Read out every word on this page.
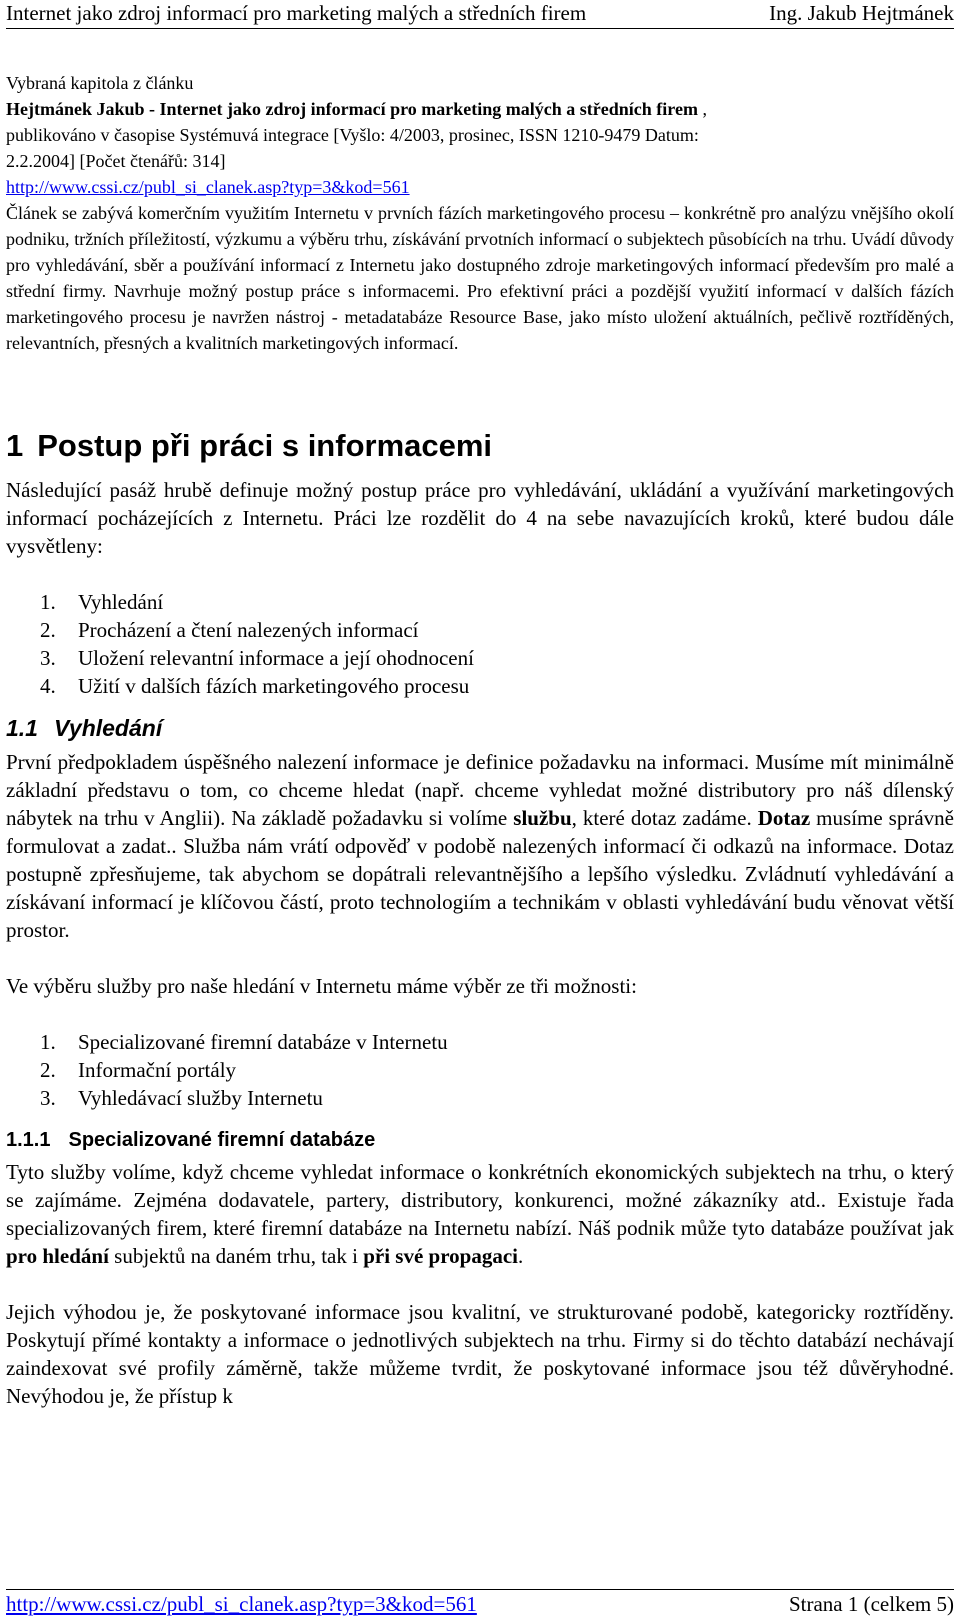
Internet jako zdroj informací pro marketing malých a středních firem	Ing. Jakub Hejtmánek
Vybraná kapitola z článku
Hejtmánek Jakub - Internet jako zdroj informací pro marketing malých a středních firem ,
publikováno v časopise Systémuvá integrace [Vyšlo: 4/2003, prosinec, ISSN 1210-9479 Datum:
2.2.2004] [Počet čtenářů: 314]
http://www.cssi.cz/publ_si_clanek.asp?typ=3&kod=561
Článek se zabývá komerčním využitím Internetu v prvních fázích marketingového procesu – konkrétně pro analýzu vnějšího okolí podniku, tržních příležitostí, výzkumu a výběru trhu, získávání prvotních informací o subjektech působících na trhu. Uvádí důvody pro vyhledávání, sběr a používání informací z Internetu jako dostupného zdroje marketingových informací především pro malé a střední firmy. Navrhuje možný postup práce s informacemi. Pro efektivní práci a pozdější využití informací v dalších fázích marketingového procesu je navržen nástroj - metadatabáze Resource Base, jako místo uložení aktuálních, pečlivě roztříděných, relevantních, přesných a kvalitních marketingových informací.
1 Postup při práci s informacemi

Následující pasáž hrubě definuje možný postup práce pro vyhledávání, ukládání a využívání marketingových informací pocházejících z Internetu. Práci lze rozdělit do 4 na sebe navazujících kroků, které budou dále vysvětleny:

1. Vyhledání
2. Procházení a čtení nalezených informací
3. Uložení relevantní informace a její ohodnocení
4. Užití v dalších fázích marketingového procesu
1.1 Vyhledání

První předpokladem úspěšného nalezení informace je definice požadavku na informaci. Musíme mít minimálně základní představu o tom, co chceme hledat (např. chceme vyhledat možné distributory pro náš dílenský nábytek na trhu v Anglii). Na základě požadavku si volíme službu, které dotaz zadáme. Dotaz musíme správně formulovat a zadat.. Služba nám vrátí odpověď v podobě nalezených informací či odkazů na informace. Dotaz postupně zpřesňujeme, tak abychom se dopátrali relevantnějšího a lepšího výsledku. Zvládnutí vyhledávání a získávaní informací je klíčovou částí, proto technologiím a technikám v oblasti vyhledávání budu věnovat větší prostor.

Ve výběru služby pro naše hledání v Internetu máme výběr ze tři možnosti:

1. Specializované firemní databáze v Internetu
2. Informační portály
3. Vyhledávací služby Internetu
1.1.1 Specializované firemní databáze

Tyto služby volíme, když chceme vyhledat informace o konkrétních ekonomických subjektech na trhu, o který se zajímáme. Zejména dodavatele, partery, distributory, konkurenci, možné zákazníky atd.. Existuje řada specializovaných firem, které firemní databáze na Internetu nabízí. Náš podnik může tyto databáze používat jak pro hledání subjektů na daném trhu, tak i při své propagaci.

Jejich výhodou je, že poskytované informace jsou kvalitní, ve strukturované podobě, kategoricky roztříděny. Poskytují přímé kontakty a informace o jednotlivých subjektech na trhu. Firmy si do těchto databází nechávají zaindexovat své profily záměrně, takže můžeme tvrdit, že poskytované informace jsou též důvěryhodné. Nevýhodou je, že přístup k

http://www.cssi.cz/publ_si_clanek.asp?typ=3&kod=561	Strana 1 (celkem 5)
